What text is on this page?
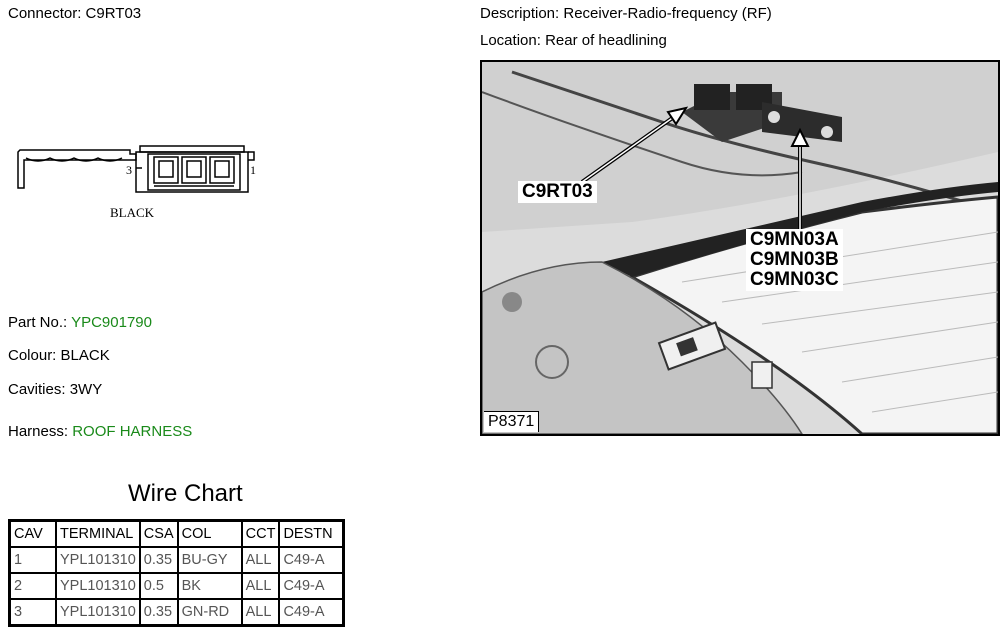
Connector: C9RT03	Description: Receiver-Radio-frequency (RF)
Location: Rear of headlining
3	1
BLACK
Part No.: YPC901790
Colour: BLACK
Cavities: 3WY
Harness: ROOF HARNESS
C9RT03
C9MN03A
C9MN03B
C9MN03C
P8371
Wire Chart
CAV	TERMINAL	CSA	COL	CCT	DESTN
1	YPL101310	0.35	BU-GY	ALL	C49-A
2	YPL101310	0.5	BK	ALL	C49-A
3	YPL101310	0.35	GN-RD	ALL	C49-A
